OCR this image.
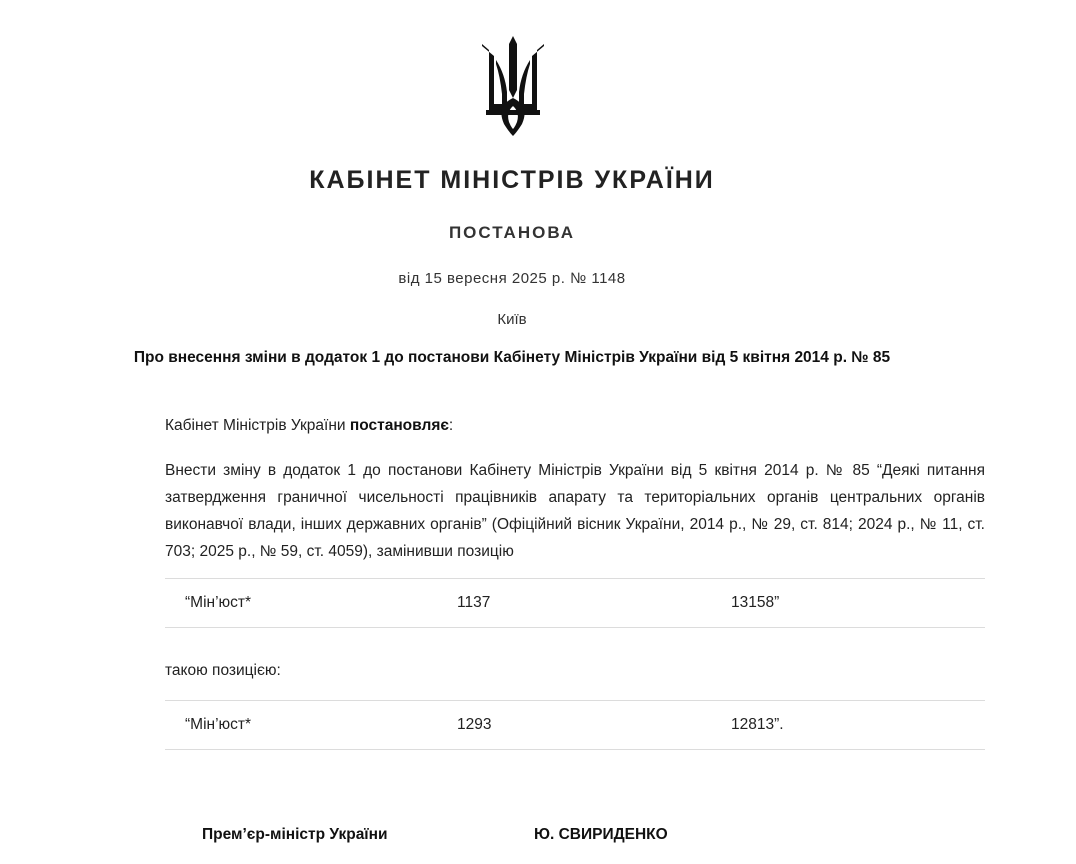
КАБІНЕТ МІНІСТРІВ УКРАЇНИ
ПОСТАНОВА
від 15 вересня 2025 р. № 1148
Київ
Про внесення зміни в додаток 1 до постанови Кабінету Міністрів України від 5 квітня 2014 р. № 85
Кабінет Міністрів України постановляє:
Внести зміну в додаток 1 до постанови Кабінету Міністрів України від 5 квітня 2014 р. № 85 “Деякі питання затвердження граничної чисельності працівників апарату та територіальних органів центральних органів виконавчої влади, інших державних органів” (Офіційний вісник України, 2014 р., № 29, ст. 814; 2024 р., № 11, ст. 703; 2025 р., № 59, ст. 4059), замінивши позицію
“Мін’юст*	1137	13158”
такою позицією:
“Мін’юст*	1293	12813”.
Прем’єр-міністр України	Ю. СВИРИДЕНКО
